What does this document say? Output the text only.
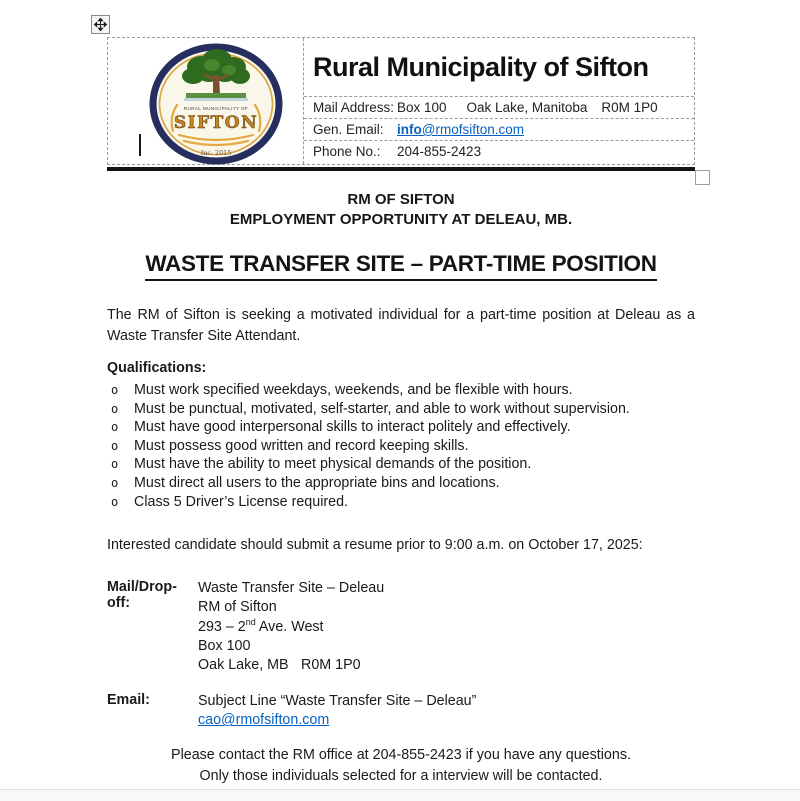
RURAL MUNICIPALITY OF
SIFTON
Inc. 2015
Rural Municipality of Sifton
Mail Address: Box 100 Oak Lake, Manitoba R0M 1P0
Gen. Email: info@rmofsifton.com
Phone No.:	204-855-2423
RM OF SIFTON
EMPLOYMENT OPPORTUNITY AT DELEAU, MB.
WASTE TRANSFER SITE – PART-TIME POSITION
The RM of Sifton is seeking a motivated individual for a part-time position at Deleau as a Waste Transfer Site Attendant.
Qualifications:
o	Must work specified weekdays, weekends, and be flexible with hours.
o	Must be punctual, motivated, self-starter, and able to work without supervision.
o	Must have good interpersonal skills to interact politely and effectively.
o	Must possess good written and record keeping skills.
o	Must have the ability to meet physical demands of the position.
o	Must direct all users to the appropriate bins and locations.
o	Class 5 Driver’s License required.
Interested candidate should submit a resume prior to 9:00 a.m. on October 17, 2025:
Mail/Drop-off:
Waste Transfer Site – Deleau
RM of Sifton
293 – 2nd Ave. West
Box 100
Oak Lake, MB R0M 1P0
Email:	Subject Line “Waste Transfer Site – Deleau”
cao@rmofsifton.com
Please contact the RM office at 204-855-2423 if you have any questions.
Only those individuals selected for a interview will be contacted.
